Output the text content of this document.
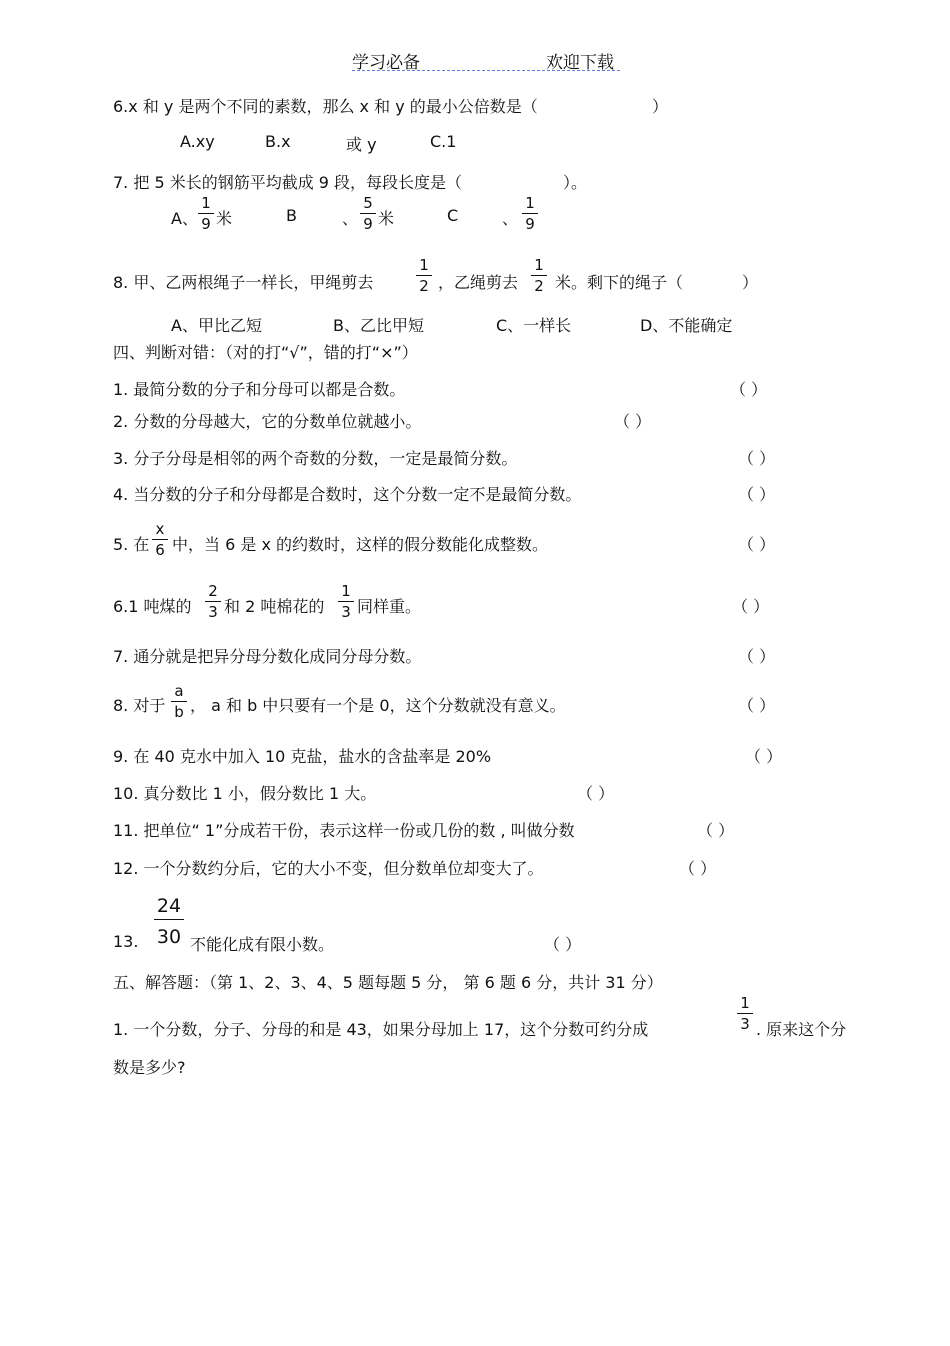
学习必备	欢迎下载
6.x 和 y 是两个不同的素数，那么 x 和 y 的最小公倍数是（	）
A.xy	B.x	或 y	C.1
7. 把 5 米长的钢筋平均截成 9 段，每段长度是（	）。
A、
1
9 米	B	、
5
9 米	C	、
1
9
8. 甲、乙两根绳子一样长，甲绳剪去
1
2 ，乙绳剪去
1
2 米。剩下的绳子（	）
A、甲比乙短	B、乙比甲短	C、一样长	D、不能确定
四、判断对错：（对的打“√”，错的打“×”）
1. 最简分数的分子和分母可以都是合数。	（ ）
2. 分数的分母越大，它的分数单位就越小。	（ ）
3. 分子分母是相邻的两个奇数的分数，一定是最简分数。	（ ）
4. 当分数的分子和分母都是合数时，这个分数一定不是最简分数。	（ ）
5. 在
x
6 中，当 6 是 x 的约数时，这样的假分数能化成整数。	（ ）
6.1 吨煤的
2
3 和 2 吨棉花的
1
3 同样重。	（ ）
7. 通分就是把异分母分数化成同分母分数。	（ ）
8. 对于
a
b ， a 和 b 中只要有一个是 0，这个分数就没有意义。	（ ）
9. 在 40 克水中加入 10 克盐，盐水的含盐率是 20%	（ ）
10. 真分数比 1 小，假分数比 1 大。	（ ）
11. 把单位“ 1”分成若干份，表示这样一份或几份的数 , 叫做分数	（ ）
12. 一个分数约分后，它的大小不变，但分数单位却变大了。	（ ）
13.
24
30 不能化成有限小数。	（ ）
五、解答题：（第 1、2、3、4、5 题每题 5 分， 第 6 题 6 分，共计 31 分）
1. 一个分数，分子、分母的和是 43，如果分母加上 17，这个分数可约分成
1
3 . 原来这个分
数是多少?
